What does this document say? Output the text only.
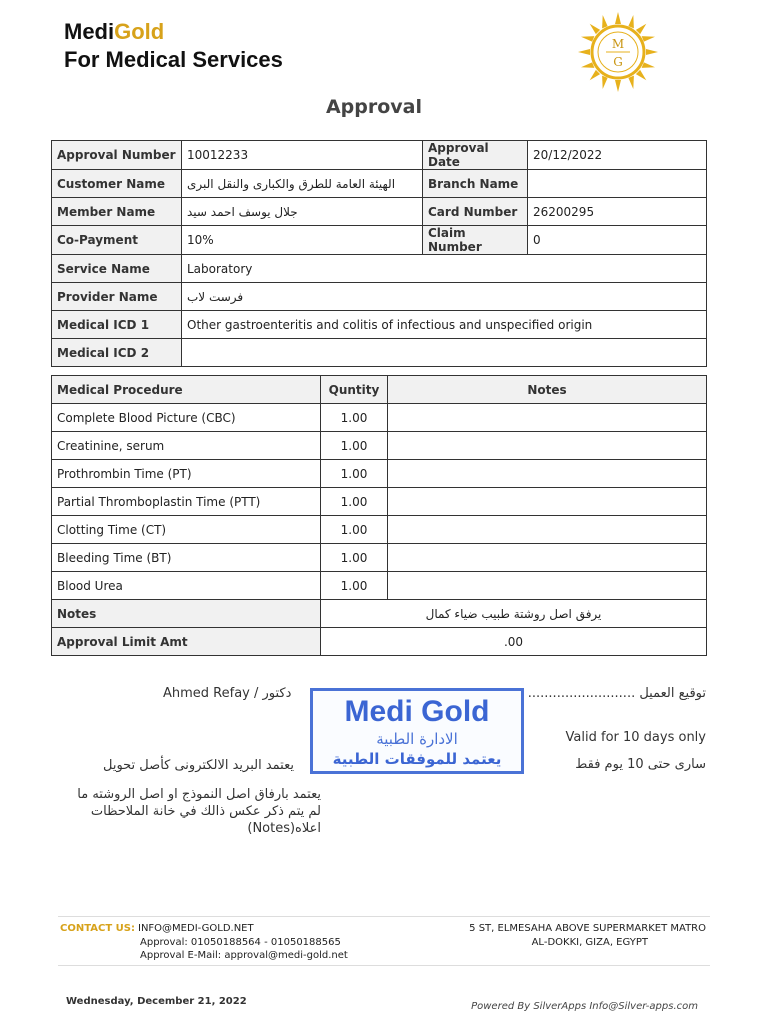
MediGold
For Medical Services
M
G
Approval
Approval Number	10012233	Approval Date	20/12/2022
Customer Name	الهيئة العامة للطرق والكبارى والنقل البرى	Branch Name	
Member Name	جلال يوسف احمد سيد	Card Number	26200295
Co-Payment	10%	Claim Number	0
Service Name	Laboratory		
Provider Name	فرست لاب		
Medical ICD 1	Other gastroenteritis and colitis of infectious and unspecified origin		
Medical ICD 2			
Medical Procedure	Quntity	Notes
Complete Blood Picture (CBC)	1.00	
Creatinine, serum	1.00	
Prothrombin Time (PT)	1.00	
Partial Thromboplastin Time (PTT)	1.00	
Clotting Time (CT)	1.00	
Bleeding Time (BT)	1.00	
Blood Urea	1.00	
Notes	يرفق اصل روشتة طبيب ضياء كمال	
Approval Limit Amt	.00	
Ahmed Refay / دكتور
Medi Gold
الادارة الطبية
يعتمد للموفقات الطبية
توقيع العميل ..........................
Valid for 10 days only
سارى حتى 10 يوم فقط
يعتمد البريد الالكترونى كأصل تحويل
يعتمد بارفاق اصل النموذج او اصل الروشته ما
لم يتم ذكر عكس ذالك في خانة الملاحظات
اعلاه(Notes)
CONTACT US: INFO@MEDI-GOLD.NET
Approval: 01050188564 - 01050188565
Approval E-Mail: approval@medi-gold.net
5 ST, ELMESAHA ABOVE SUPERMARKET MATRO
AL-DOKKI, GIZA, EGYPT
Wednesday, December 21, 2022	Powered By SilverApps Info@Silver-apps.com
